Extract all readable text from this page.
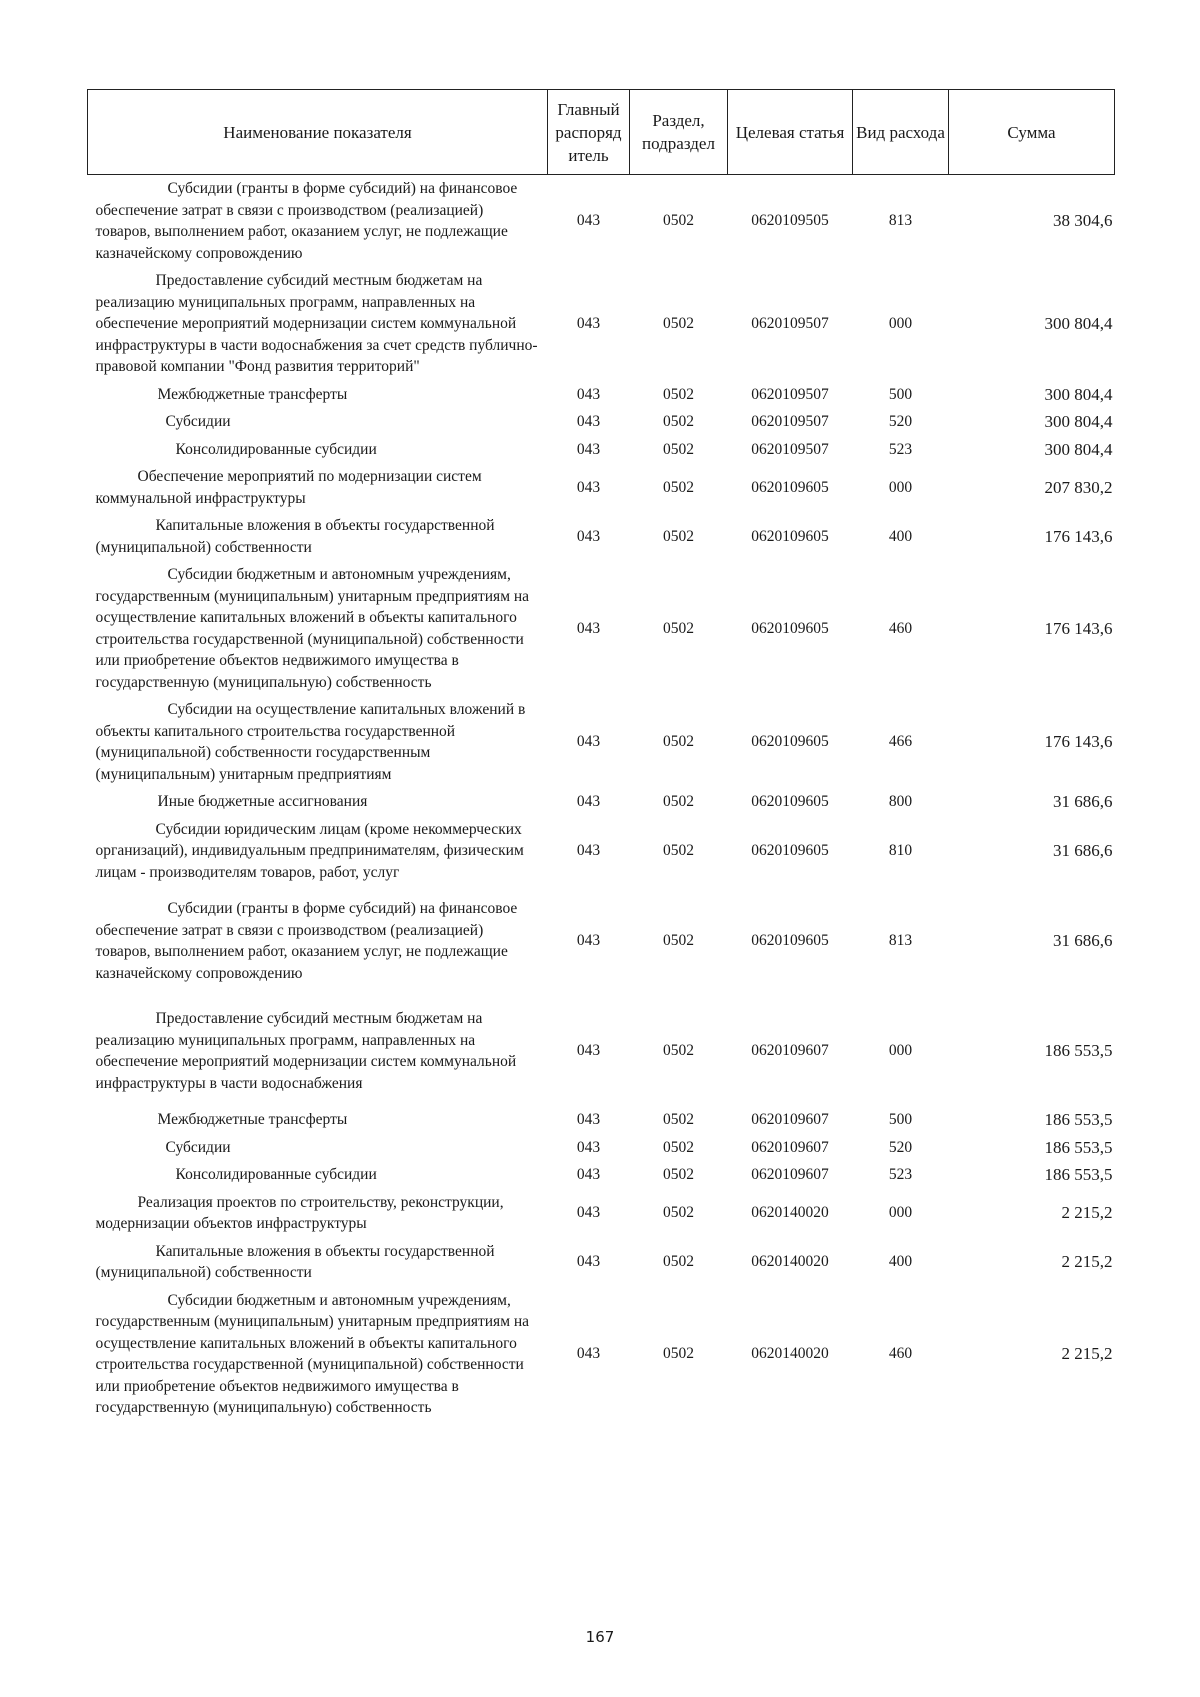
Наименование показателя	Главный распоряд итель	Раздел, подраздел	Целевая статья	Вид расхода	Сумма
Субсидии (гранты в форме субсидий) на финансовое обеспечение затрат в связи с производством (реализацией) товаров, выполнением работ, оказанием услуг, не подлежащие казначейскому сопровождению	043	0502	0620109505	813	38 304,6
Предоставление субсидий местным бюджетам на реализацию муниципальных программ, направленных на обеспечение мероприятий модернизации систем коммунальной инфраструктуры в части водоснабжения за счет средств публично-правовой компании "Фонд развития территорий"	043	0502	0620109507	000	300 804,4
Межбюджетные трансферты	043	0502	0620109507	500	300 804,4
Субсидии	043	0502	0620109507	520	300 804,4
Консолидированные субсидии	043	0502	0620109507	523	300 804,4
Обеспечение мероприятий по модернизации систем коммунальной инфраструктуры	043	0502	0620109605	000	207 830,2
Капитальные вложения в объекты государственной (муниципальной) собственности	043	0502	0620109605	400	176 143,6
Субсидии бюджетным и автономным учреждениям, государственным (муниципальным) унитарным предприятиям на осуществление капитальных вложений в объекты капитального строительства государственной (муниципальной) собственности или приобретение объектов недвижимого имущества в государственную (муниципальную) собственность	043	0502	0620109605	460	176 143,6
Субсидии на осуществление капитальных вложений в объекты капитального строительства государственной (муниципальной) собственности государственным (муниципальным) унитарным предприятиям	043	0502	0620109605	466	176 143,6
Иные бюджетные ассигнования	043	0502	0620109605	800	31 686,6
Субсидии юридическим лицам (кроме некоммерческих организаций), индивидуальным предпринимателям, физическим лицам - производителям товаров, работ, услуг	043	0502	0620109605	810	31 686,6
Субсидии (гранты в форме субсидий) на финансовое обеспечение затрат в связи с производством (реализацией) товаров, выполнением работ, оказанием услуг, не подлежащие казначейскому сопровождению	043	0502	0620109605	813	31 686,6
Предоставление субсидий местным бюджетам на реализацию муниципальных программ, направленных на обеспечение мероприятий модернизации систем коммунальной инфраструктуры в части водоснабжения	043	0502	0620109607	000	186 553,5
Межбюджетные трансферты	043	0502	0620109607	500	186 553,5
Субсидии	043	0502	0620109607	520	186 553,5
Консолидированные субсидии	043	0502	0620109607	523	186 553,5
Реализация проектов по строительству, реконструкции, модернизации объектов инфраструктуры	043	0502	0620140020	000	2 215,2
Капитальные вложения в объекты государственной (муниципальной) собственности	043	0502	0620140020	400	2 215,2
Субсидии бюджетным и автономным учреждениям, государственным (муниципальным) унитарным предприятиям на осуществление капитальных вложений в объекты капитального строительства государственной (муниципальной) собственности или приобретение объектов недвижимого имущества в государственную (муниципальную) собственность	043	0502	0620140020	460	2 215,2
167
